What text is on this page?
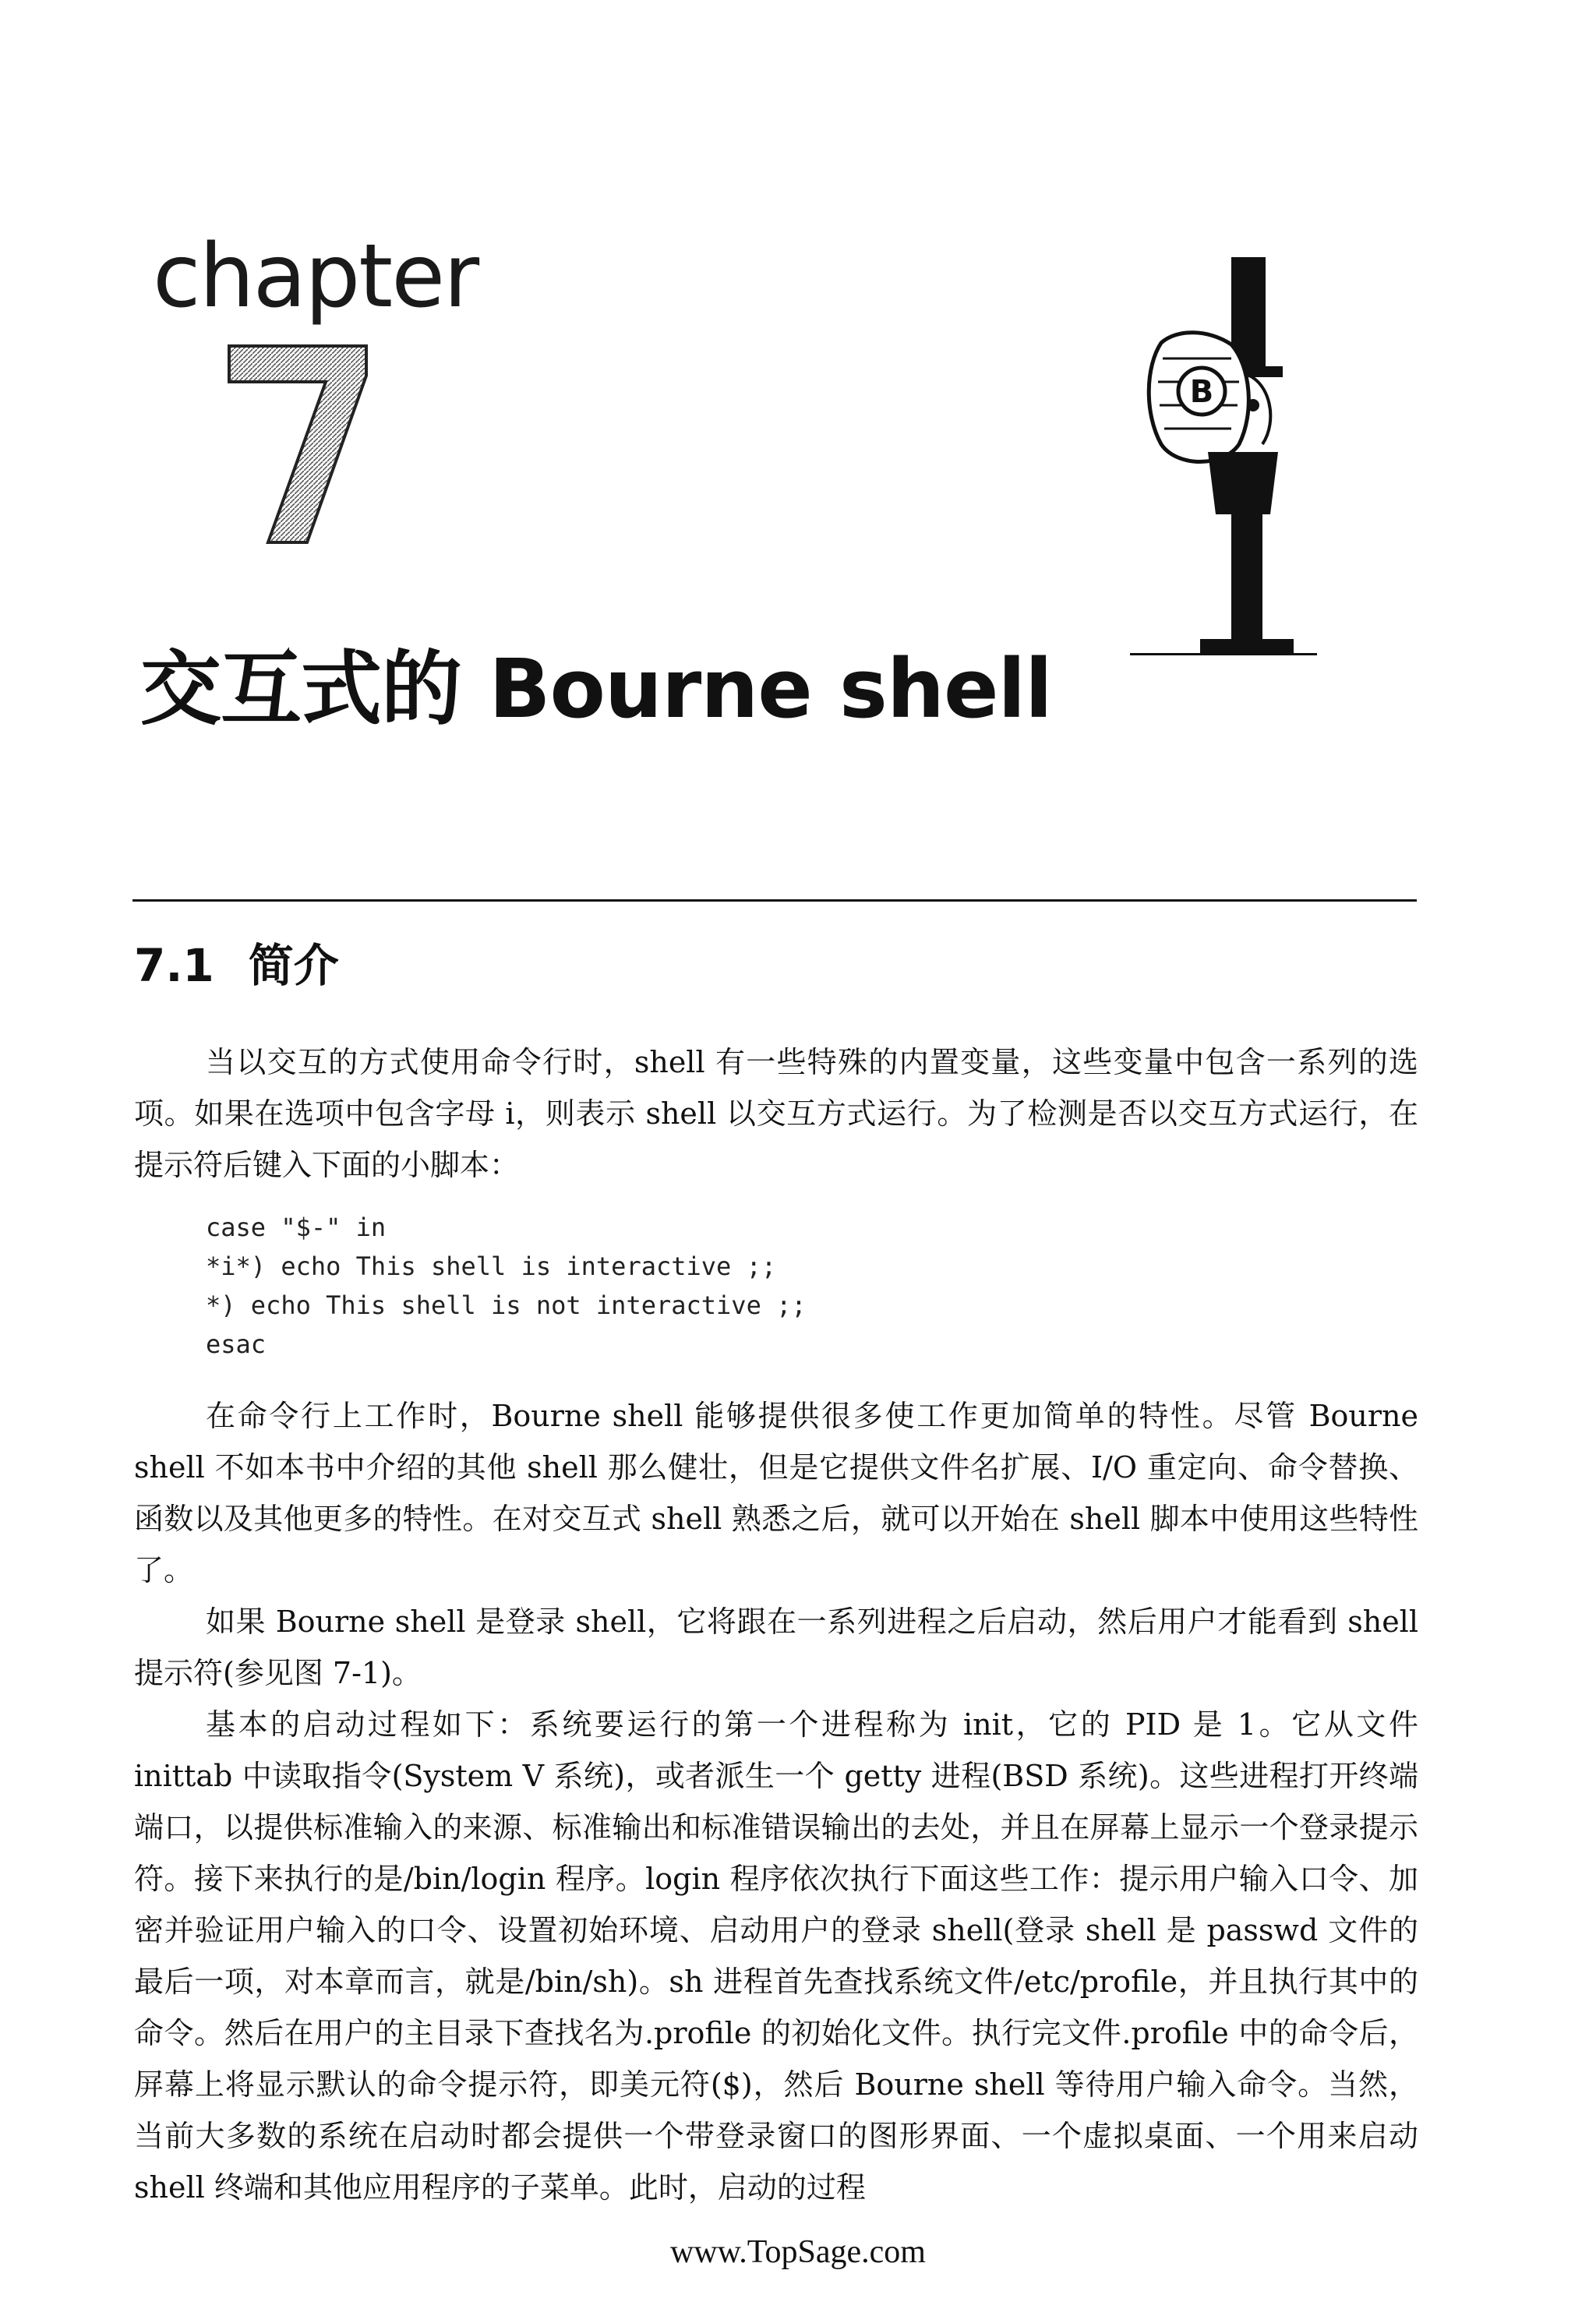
chapter
7
交互式的 Bourne shell
B
7.1 简介

当以交互的方式使用命令行时，shell 有一些特殊的内置变量，这些变量中包含一系列的选项。如果在选项中包含字母 i，则表示 shell 以交互方式运行。为了检测是否以交互方式运行，在提示符后键入下面的小脚本：

case "$-" in
*i*) echo This shell is interactive ;;
*) echo This shell is not interactive ;;
esac

在命令行上工作时，Bourne shell 能够提供很多使工作更加简单的特性。尽管 Bourne shell 不如本书中介绍的其他 shell 那么健壮，但是它提供文件名扩展、I/O 重定向、命令替换、函数以及其他更多的特性。在对交互式 shell 熟悉之后，就可以开始在 shell 脚本中使用这些特性了。

如果 Bourne shell 是登录 shell，它将跟在一系列进程之后启动，然后用户才能看到 shell 提示符(参见图 7-1)。

基本的启动过程如下：系统要运行的第一个进程称为 init，它的 PID 是 1。它从文件 inittab 中读取指令(System V 系统)，或者派生一个 getty 进程(BSD 系统)。这些进程打开终端端口，以提供标准输入的来源、标准输出和标准错误输出的去处，并且在屏幕上显示一个登录提示符。接下来执行的是/bin/login 程序。login 程序依次执行下面这些工作：提示用户输入口令、加密并验证用户输入的口令、设置初始环境、启动用户的登录 shell(登录 shell 是 passwd 文件的最后一项，对本章而言，就是/bin/sh)。sh 进程首先查找系统文件/etc/profile，并且执行其中的命令。然后在用户的主目录下查找名为.profile 的初始化文件。执行完文件.profile 中的命令后，屏幕上将显示默认的命令提示符，即美元符($)，然后 Bourne shell 等待用户输入命令。当然，当前大多数的系统在启动时都会提供一个带登录窗口的图形界面、一个虚拟桌面、一个用来启动 shell 终端和其他应用程序的子菜单。此时，启动的过程

www.TopSage.com
